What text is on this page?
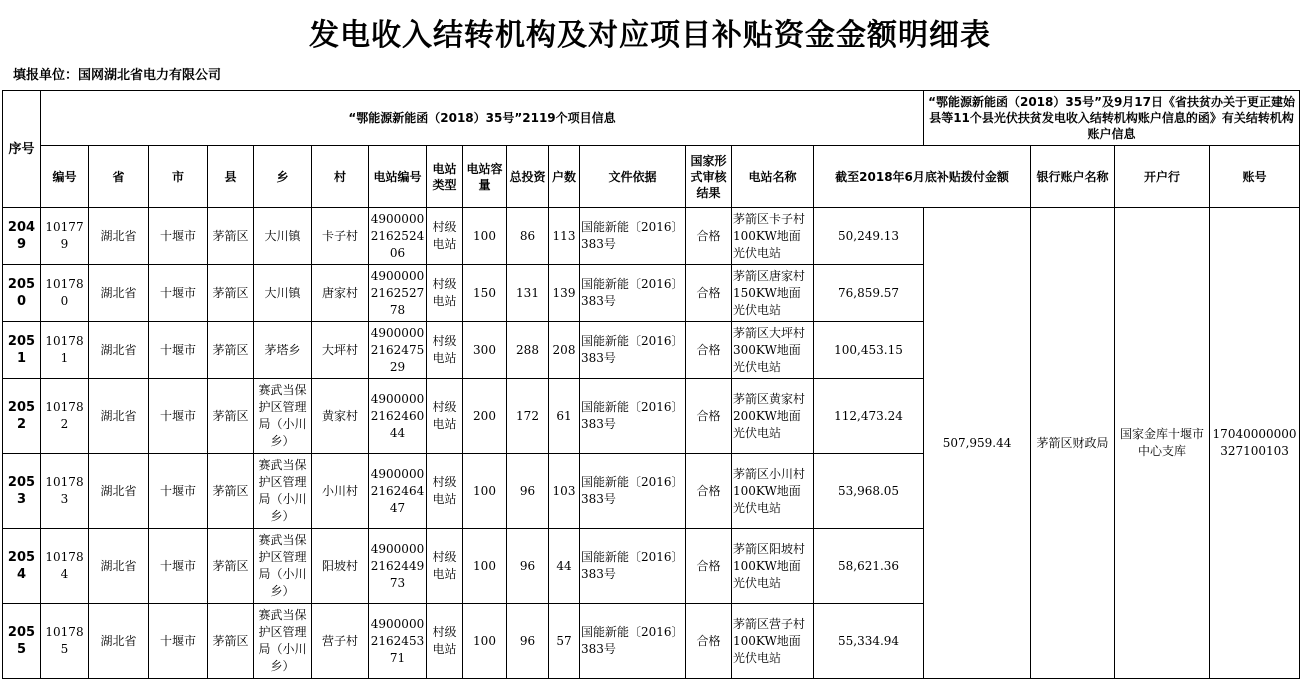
发电收入结转机构及对应项目补贴资金金额明细表
填报单位：国网湖北省电力有限公司
序号	“鄂能源新能函（2018）35号”2119个项目信息															“鄂能源新能函（2018）35号”及9月17日《省扶贫办关于更正建始县等11个县光伏扶贫发电收入结转机构账户信息的函》有关结转机构账户信息			
	编号	省	市	县	乡	村	电站编号	电站类型	电站容量	总投资	户数	文件依据	国家形式审核结果	电站名称	截至2018年6月底补贴拨付金额		银行账户名称	开户行	账号
2049	101779	湖北省	十堰市	茅箭区	大川镇	卡子村	4900000216252406	村级电站	100	86	113	国能新能〔2016〕383号	合格	茅箭区卡子村100KW地面光伏电站	50,249.13	507,959.44	茅箭区财政局	国家金库十堰市中心支库	17040000000327100103
2050	101780	湖北省	十堰市	茅箭区	大川镇	唐家村	4900000216252778	村级电站	150	131	139	国能新能〔2016〕383号	合格	茅箭区唐家村150KW地面光伏电站	76,859.57				
2051	101781	湖北省	十堰市	茅箭区	茅塔乡	大坪村	4900000216247529	村级电站	300	288	208	国能新能〔2016〕383号	合格	茅箭区大坪村300KW地面光伏电站	100,453.15				
2052	101782	湖北省	十堰市	茅箭区	赛武当保护区管理局（小川乡）	黄家村	4900000216246044	村级电站	200	172	61	国能新能〔2016〕383号	合格	茅箭区黄家村200KW地面光伏电站	112,473.24				
2053	101783	湖北省	十堰市	茅箭区	赛武当保护区管理局（小川乡）	小川村	4900000216246447	村级电站	100	96	103	国能新能〔2016〕383号	合格	茅箭区小川村100KW地面光伏电站	53,968.05				
2054	101784	湖北省	十堰市	茅箭区	赛武当保护区管理局（小川乡）	阳坡村	4900000216244973	村级电站	100	96	44	国能新能〔2016〕383号	合格	茅箭区阳坡村100KW地面光伏电站	58,621.36				
2055	101785	湖北省	十堰市	茅箭区	赛武当保护区管理局（小川乡）	营子村	4900000216245371	村级电站	100	96	57	国能新能〔2016〕383号	合格	茅箭区营子村100KW地面光伏电站	55,334.94				
